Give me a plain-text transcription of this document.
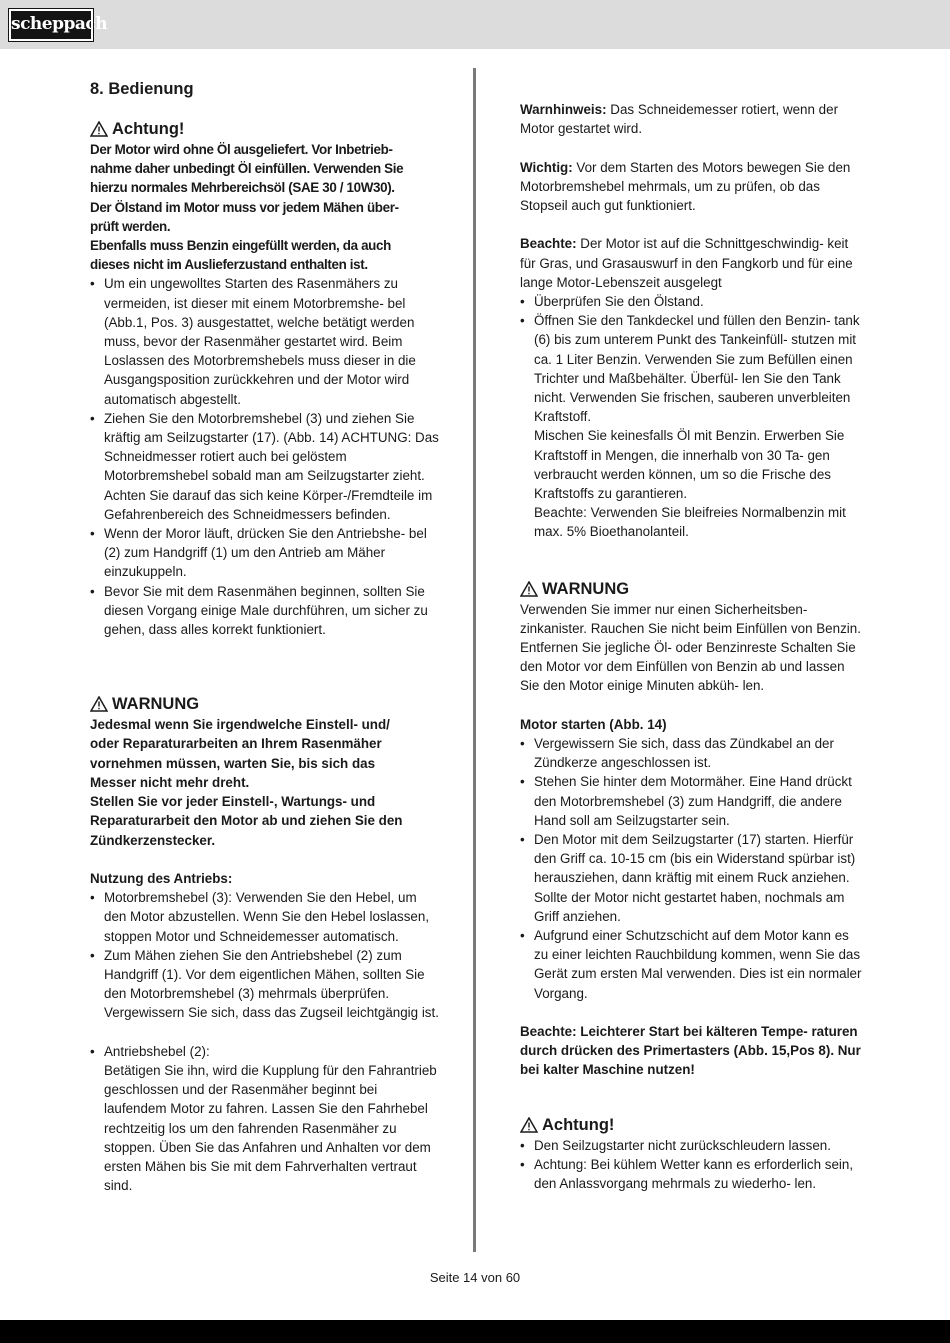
scheppach
8. Bedienung
Achtung!
Der Motor wird ohne Öl ausgeliefert. Vor Inbetrieb-
nahme daher unbedingt Öl einfüllen. Verwenden Sie
hierzu normales Mehrbereichsöl (SAE 30 / 10W30).
Der Ölstand im Motor muss vor jedem Mähen über-
prüft werden.
Ebenfalls muss Benzin eingefüllt werden, da auch
dieses nicht im Auslieferzustand enthalten ist.
• Um ein ungewolltes Starten des Rasenmähers zu vermeiden, ist dieser mit einem Motorbremshe- bel (Abb.1, Pos. 3) ausgestattet, welche betätigt werden muss, bevor der Rasenmäher gestartet wird. Beim Loslassen des Motorbremshebels muss dieser in die Ausgangsposition zurückkehren und der Motor wird automatisch abgestellt.
• Ziehen Sie den Motorbremshebel (3) und ziehen Sie kräftig am Seilzugstarter (17). (Abb. 14) ACHTUNG: Das Schneidmesser rotiert auch bei gelöstem Motorbremshebel sobald man am Seilzugstarter zieht. Achten Sie darauf das sich keine Körper-/Fremdteile im Gefahrenbereich des Schneidmessers befinden.
• Wenn der Moror läuft, drücken Sie den Antriebshe- bel (2) zum Handgriff (1) um den Antrieb am Mäher einzukuppeln.
• Bevor Sie mit dem Rasenmähen beginnen, sollten Sie diesen Vorgang einige Male durchführen, um sicher zu gehen, dass alles korrekt funktioniert.
WARNUNG
Jedesmal wenn Sie irgendwelche Einstell- und/
oder Reparaturarbeiten an Ihrem Rasenmäher
vornehmen müssen, warten Sie, bis sich das
Messer nicht mehr dreht.
Stellen Sie vor jeder Einstell-, Wartungs- und
Reparaturarbeit den Motor ab und ziehen Sie den
Zündkerzenstecker.
Nutzung des Antriebs:
• Motorbremshebel (3): Verwenden Sie den Hebel, um den Motor abzustellen. Wenn Sie den Hebel loslassen, stoppen Motor und Schneidemesser automatisch.
• Zum Mähen ziehen Sie den Antriebshebel (2) zum Handgriff (1). Vor dem eigentlichen Mähen, sollten Sie den Motorbremshebel (3) mehrmals überprüfen. Vergewissern Sie sich, dass das Zugseil leichtgängig ist.
• Antriebshebel (2):
Betätigen Sie ihn, wird die Kupplung für den Fahrantrieb geschlossen und der Rasenmäher beginnt bei laufendem Motor zu fahren. Lassen Sie den Fahrhebel rechtzeitig los um den fahrenden Rasenmäher zu stoppen. Üben Sie das Anfahren und Anhalten vor dem ersten Mähen bis Sie mit dem Fahrverhalten vertraut sind.

Warnhinweis: Das Schneidemesser rotiert, wenn der Motor gestartet wird.

Wichtig: Vor dem Starten des Motors bewegen Sie den Motorbremshebel mehrmals, um zu prüfen, ob das Stopseil auch gut funktioniert.

Beachte: Der Motor ist auf die Schnittgeschwindig- keit für Gras, und Grasauswurf in den Fangkorb und für eine lange Motor-Lebenszeit ausgelegt

• Überprüfen Sie den Ölstand.
• Öffnen Sie den Tankdeckel und füllen den Benzin- tank (6) bis zum unterem Punkt des Tankeinfüll- stutzen mit ca. 1 Liter Benzin. Verwenden Sie zum Befüllen einen Trichter und Maßbehälter. Überfül- len Sie den Tank nicht. Verwenden Sie frischen, sauberen unverbleiten Kraftstoff.
Mischen Sie keinesfalls Öl mit Benzin. Erwerben Sie Kraftstoff in Mengen, die innerhalb von 30 Ta- gen verbraucht werden können, um so die Frische des Kraftstoffs zu garantieren.
Beachte: Verwenden Sie bleifreies Normalbenzin mit max. 5% Bioethanolanteil.
WARNUNG
Verwenden Sie immer nur einen Sicherheitsben- zinkanister. Rauchen Sie nicht beim Einfüllen von Benzin. Entfernen Sie jegliche Öl- oder Benzinreste Schalten Sie den Motor vor dem Einfüllen von Benzin ab und lassen Sie den Motor einige Minuten abküh- len.
Motor starten (Abb. 14)
• Vergewissern Sie sich, dass das Zündkabel an der Zündkerze angeschlossen ist.
• Stehen Sie hinter dem Motormäher. Eine Hand drückt den Motorbremshebel (3) zum Handgriff, die andere Hand soll am Seilzugstarter sein.
• Den Motor mit dem Seilzugstarter (17) starten. Hierfür den Griff ca. 10-15 cm (bis ein Widerstand spürbar ist) herausziehen, dann kräftig mit einem Ruck anziehen. Sollte der Motor nicht gestartet haben, nochmals am Griff anziehen.
• Aufgrund einer Schutzschicht auf dem Motor kann es zu einer leichten Rauchbildung kommen, wenn Sie das Gerät zum ersten Mal verwenden. Dies ist ein normaler Vorgang.
Beachte: Leichterer Start bei kälteren Tempe- raturen durch drücken des Primertasters (Abb. 15,Pos 8). Nur bei kalter Maschine nutzen!
Achtung!
• Den Seilzugstarter nicht zurückschleudern lassen.
• Achtung: Bei kühlem Wetter kann es erforderlich sein, den Anlassvorgang mehrmals zu wiederho- len.
Seite 14 von 60
